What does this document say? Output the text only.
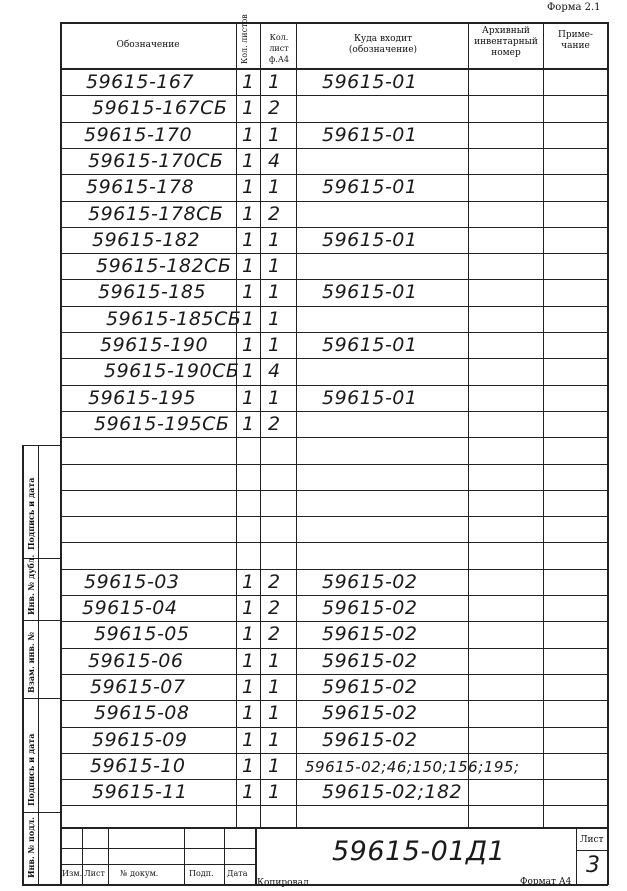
Форма 2.1
Обозначение	Кол. листов	Кол.
лист
ф.А4
Куда входит
(обозначение)
Архивный
инвентарный
номер
Приме-
чание
59615-167	1 1 59615-01
59615-167СБ 1 2
59615-170	1 1 59615-01
59615-170СБ 1 4
59615-178	1 1 59615-01
59615-178СБ 1 2
59615-182 1 1 59615-01
59615-182СБ 1 1
59615-185 1 1 59615-01
59615-185СБ 1 1
59615-190 1 1 59615-01
59615-190СБ 1 4
59615-195 1 1 59615-01
59615-195СБ 1 2
59615-03	1 2 59615-02
59615-04	1 2 59615-02
59615-05	1 2 59615-02
59615-06	1 1 59615-02
59615-07	1 1 59615-02
59615-08	1 1 59615-02
59615-09	1 1 59615-02
59615-10	1 1 59615-02;46;150;156;195;
59615-11	1 1 59615-02;182
Подпись и дата
Инв. № дубл.
Взам. инв. №
Подпись и дата
Инв. № подл.	Изм. Лист № докум.	Подп. Дата
59615-01Д1	Лист
3
Копировал	Формат А4
